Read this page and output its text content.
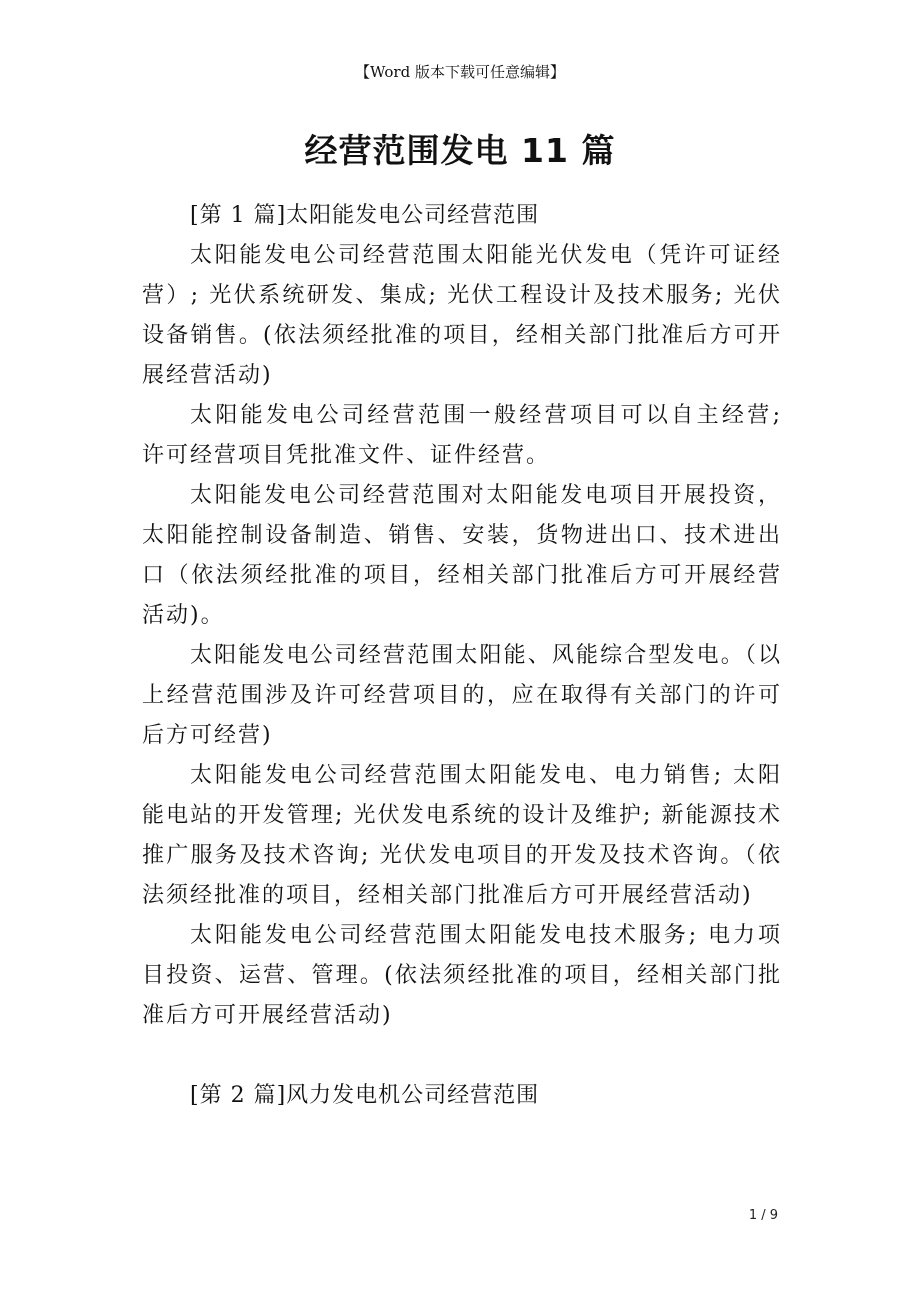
【Word 版本下载可任意编辑】
经营范围发电 11 篇
[第 1 篇]太阳能发电公司经营范围

太阳能发电公司经营范围太阳能光伏发电（凭许可证经营）; 光伏系统研发、集成; 光伏工程设计及技术服务; 光伏设备销售。(依法须经批准的项目，经相关部门批准后方可开展经营活动)

太阳能发电公司经营范围一般经营项目可以自主经营; 许可经营项目凭批准文件、证件经营。

太阳能发电公司经营范围对太阳能发电项目开展投资，太阳能控制设备制造、销售、安装，货物进出口、技术进出口（依法须经批准的项目，经相关部门批准后方可开展经营活动)。

太阳能发电公司经营范围太阳能、风能综合型发电。（以上经营范围涉及许可经营项目的，应在取得有关部门的许可后方可经营)

太阳能发电公司经营范围太阳能发电、电力销售; 太阳能电站的开发管理; 光伏发电系统的设计及维护; 新能源技术推广服务及技术咨询; 光伏发电项目的开发及技术咨询。（依法须经批准的项目，经相关部门批准后方可开展经营活动)

太阳能发电公司经营范围太阳能发电技术服务; 电力项目投资、运营、管理。(依法须经批准的项目，经相关部门批准后方可开展经营活动)

[第 2 篇]风力发电机公司经营范围
1 / 9
